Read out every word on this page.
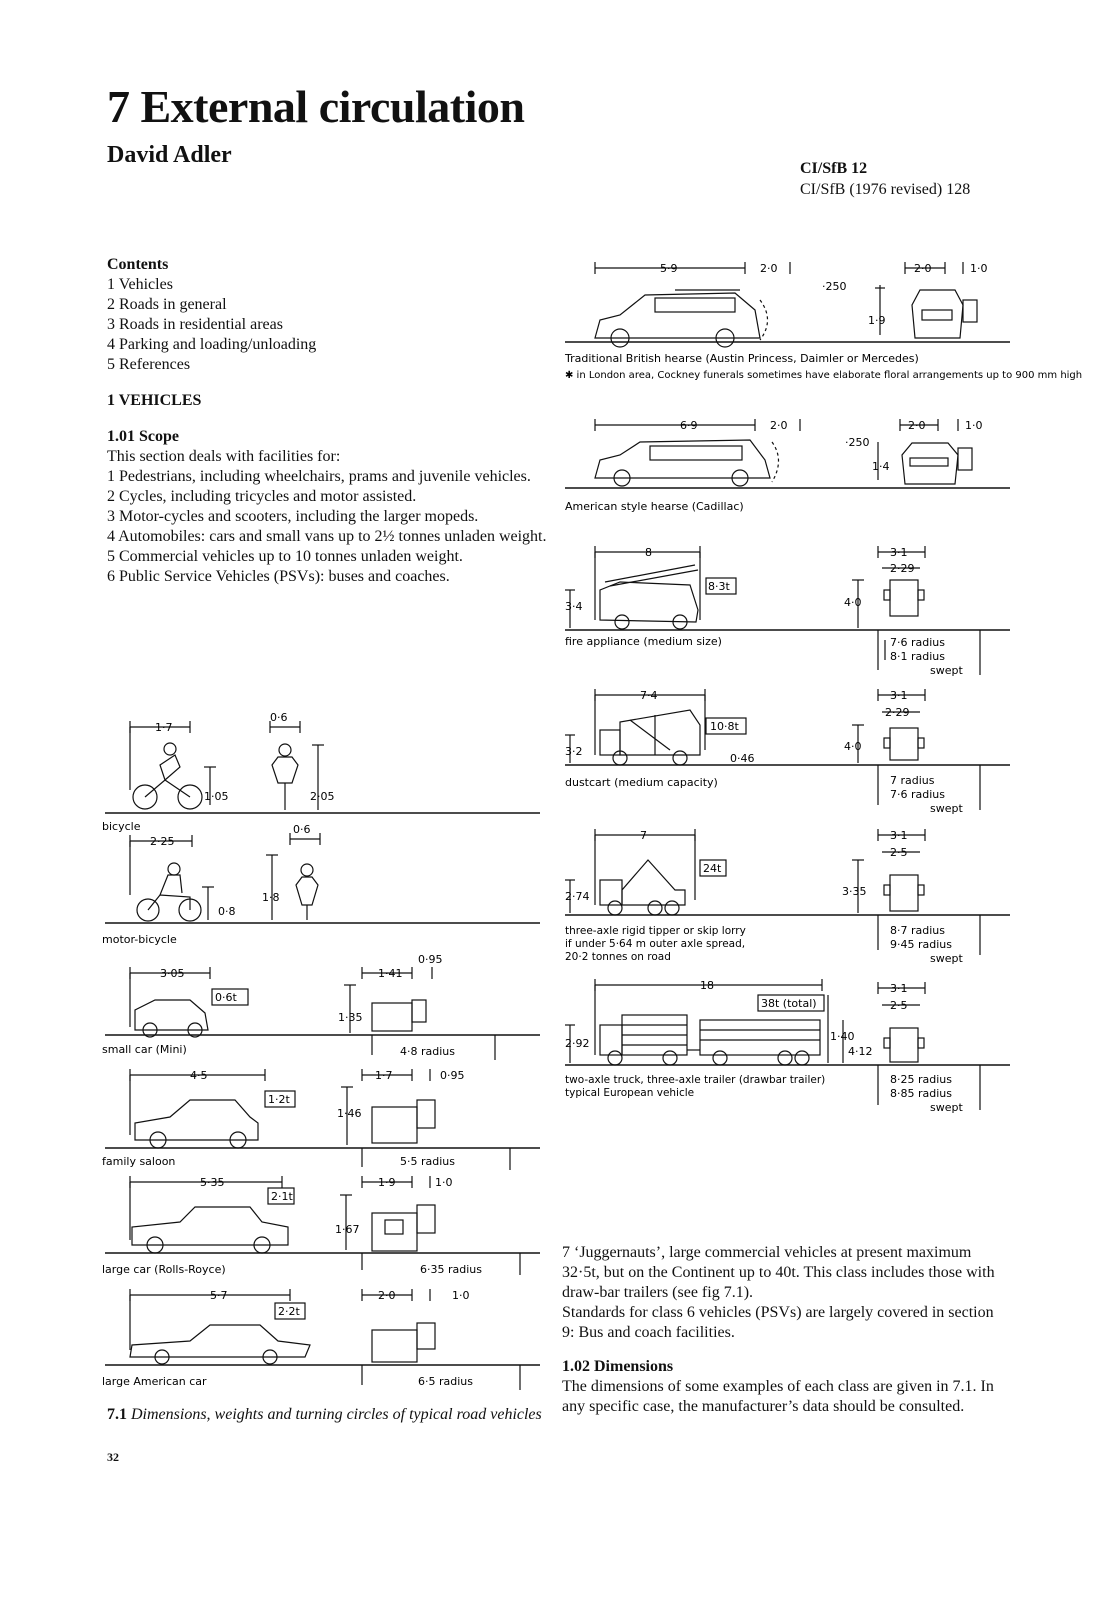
7 External circulation
David Adler
CI/SfB 12
CI/SfB (1976 revised) 128

Contents

1 Vehicles

2 Roads in general

3 Roads in residential areas

4 Parking and loading/unloading

5 References

1 VEHICLES

1.01 Scope

This section deals with facilities for:

1 Pedestrians, including wheelchairs, prams and juvenile vehicles.

2 Cycles, including tricycles and motor assisted.

3 Motor-cycles and scooters, including the larger mopeds.

4 Automobiles: cars and small vans up to 2½ tonnes unladen weight.

5 Commercial vehicles up to 10 tonnes unladen weight.

6 Public Service Vehicles (PSVs): buses and coaches.

5·9	2·0
·250
1·9
2·0	1·0
Traditional British hearse (Austin Princess, Daimler or Mercedes)
✱ in London area, Cockney funerals sometimes have elaborate floral arrangements up to 900 mm high
6·9	2·0
·250
1·4
2·0	1·0
American style hearse (Cadillac)
8
8·3t
3·4
3·1
2·29
4·0
fire appliance (medium size)	7·6 radius
8·1 radius
swept
7·4
10·8t
3·2
0·46
3·1
2·29
4·0
dustcart (medium capacity)	7 radius
7·6 radius
swept
7
24t
2·74
3·1
2·5
3·35
three-axle rigid tipper or skip lorry
if under 5·64 m outer axle spread,
20·2 tonnes on road
8·7 radius
9·45 radius
swept
18
38t (total)
2·92
1·40
4·12
3·1
2·5
two-axle truck, three-axle trailer (drawbar trailer)
typical European vehicle
8·25 radius
8·85 radius
swept
1·7
0·6
1·05	2·05
bicycle
2·25
0·6
0·8
1·8
motor-bicycle
3·05
0·6t
1·41
0·95
1·35
small car (Mini)	4·8 radius
4·5
1·2t
1·7	0·95
1·46
family saloon	5·5 radius
5·35
2·1t
1·9	1·0
1·67
large car (Rolls-Royce)	6·35 radius
5·7
2·2t
2·0	1·0
large American car	6·5 radius
7.1 Dimensions, weights and turning circles of typical road vehicles
32

7 ‘Juggernauts’, large commercial vehicles at present maximum 32·5t, but on the Continent up to 40t. This class includes those with draw-bar trailers (see fig 7.1).

Standards for class 6 vehicles (PSVs) are largely covered in section 9: Bus and coach facilities.

1.02 Dimensions

The dimensions of some examples of each class are given in 7.1. In any specific case, the manufacturer’s data should be consulted.
